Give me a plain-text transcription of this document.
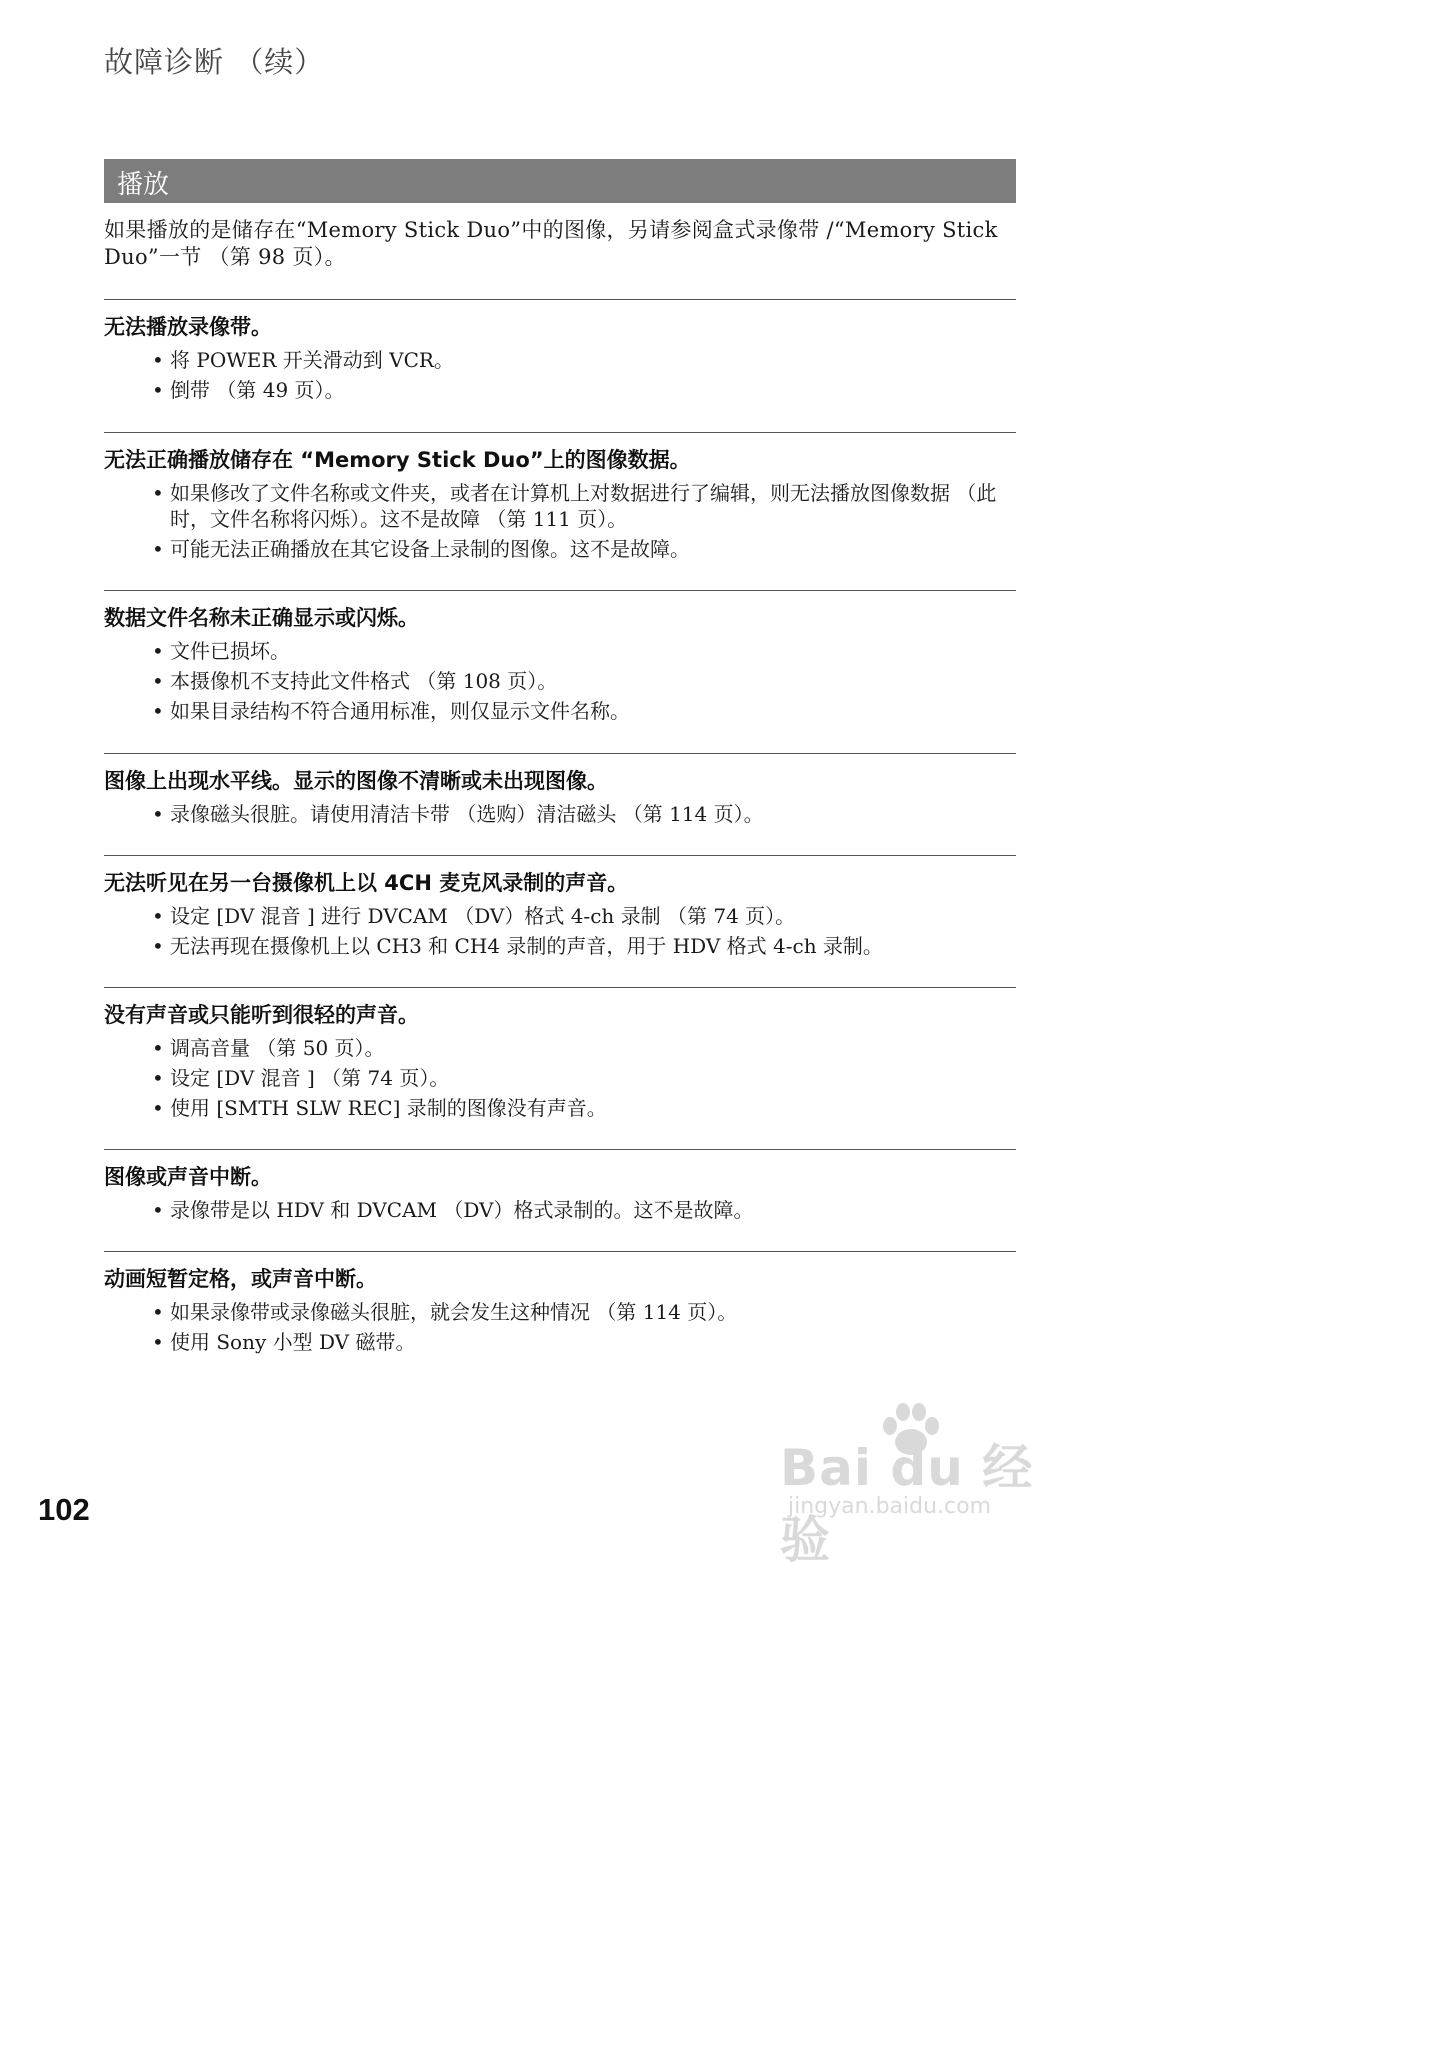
故障诊断 （续）
播放
如果播放的是储存在“Memory Stick Duo”中的图像，另请参阅盒式录像带 /“Memory Stick Duo”一节 （第 98 页）。
无法播放录像带。
• 将 POWER 开关滑动到 VCR。
• 倒带 （第 49 页）。
无法正确播放储存在 “Memory Stick Duo”上的图像数据。
• 如果修改了文件名称或文件夹，或者在计算机上对数据进行了编辑，则无法播放图像数据 （此时，文件名称将闪烁）。这不是故障 （第 111 页）。
• 可能无法正确播放在其它设备上录制的图像。这不是故障。
数据文件名称未正确显示或闪烁。
• 文件已损坏。
• 本摄像机不支持此文件格式 （第 108 页）。
• 如果目录结构不符合通用标准，则仅显示文件名称。
图像上出现水平线。显示的图像不清晰或未出现图像。
• 录像磁头很脏。请使用清洁卡带 （选购）清洁磁头 （第 114 页）。
无法听见在另一台摄像机上以 4CH 麦克风录制的声音。
• 设定 [DV 混音 ] 进行 DVCAM （DV）格式 4-ch 录制 （第 74 页）。
• 无法再现在摄像机上以 CH3 和 CH4 录制的声音，用于 HDV 格式 4-ch 录制。
没有声音或只能听到很轻的声音。
• 调高音量 （第 50 页）。
• 设定 [DV 混音 ] （第 74 页）。
• 使用 [SMTH SLW REC] 录制的图像没有声音。
图像或声音中断。
• 录像带是以 HDV 和 DVCAM （DV）格式录制的。这不是故障。
动画短暂定格，或声音中断。
• 如果录像带或录像磁头很脏，就会发生这种情况 （第 114 页）。
• 使用 Sony 小型 DV 磁带。
102
Bai du 经验
jingyan.baidu.com
